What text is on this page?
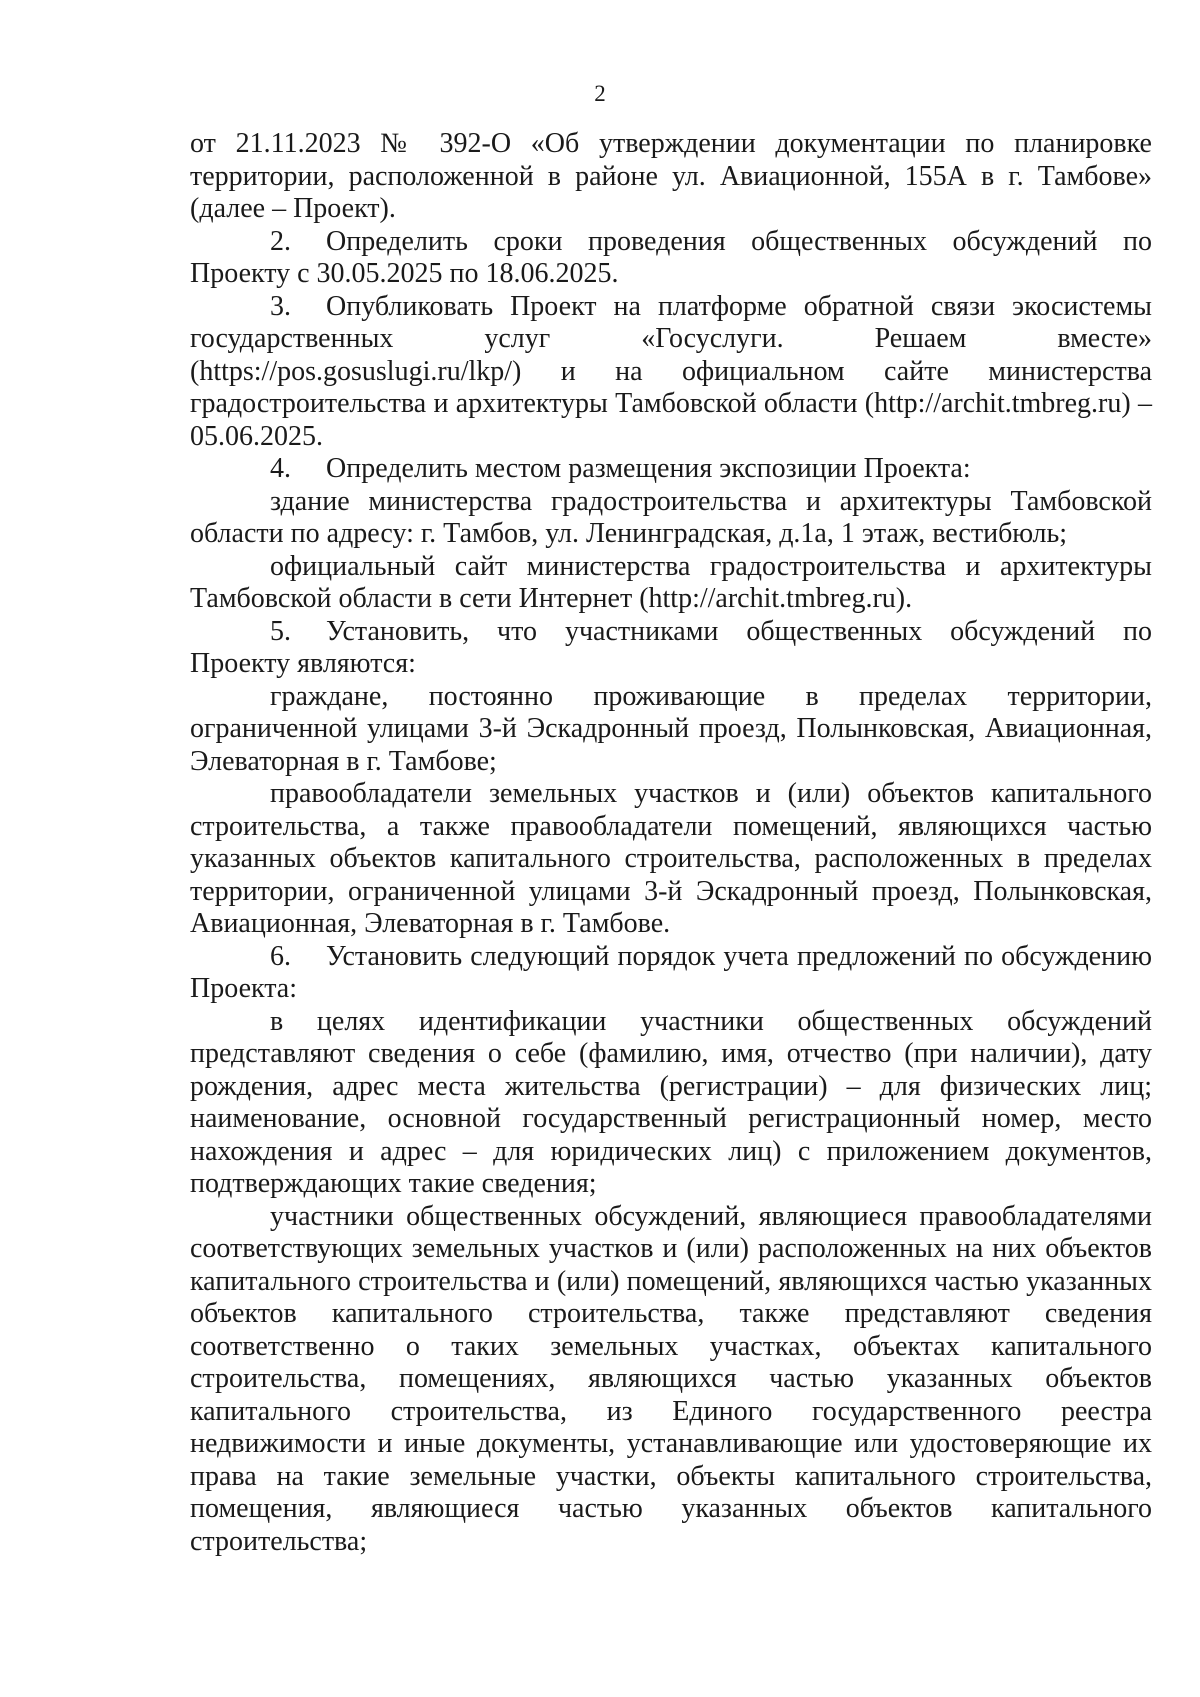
2

от 21.11.2023 № 392-О «Об утверждении документации по планировке территории, расположенной в районе ул. Авиационной, 155А в г. Тамбове» (далее – Проект).

2. Определить сроки проведения общественных обсуждений по Проекту с 30.05.2025 по 18.06.2025.

3. Опубликовать Проект на платформе обратной связи экосистемы государственных услуг «Госуслуги. Решаем вместе» (https://pos.gosuslugi.ru/lkp/) и на официальном сайте министерства градостроительства и архитектуры Тамбовской области (http://archit.tmbreg.ru) – 05.06.2025.

4. Определить местом размещения экспозиции Проекта:

здание министерства градостроительства и архитектуры Тамбовской области по адресу: г. Тамбов, ул. Ленинградская, д.1а, 1 этаж, вестибюль;

официальный сайт министерства градостроительства и архитектуры Тамбовской области в сети Интернет (http://archit.tmbreg.ru).

5. Установить, что участниками общественных обсуждений по Проекту являются:

граждане, постоянно проживающие в пределах территории, ограниченной улицами 3-й Эскадронный проезд, Полынковская, Авиационная, Элеваторная в г. Тамбове;

правообладатели земельных участков и (или) объектов капитального строительства, а также правообладатели помещений, являющихся частью указанных объектов капитального строительства, расположенных в пределах территории, ограниченной улицами 3-й Эскадронный проезд, Полынковская, Авиационная, Элеваторная в г. Тамбове.

6. Установить следующий порядок учета предложений по обсуждению Проекта:

в целях идентификации участники общественных обсуждений представляют сведения о себе (фамилию, имя, отчество (при наличии), дату рождения, адрес места жительства (регистрации) – для физических лиц; наименование, основной государственный регистрационный номер, место нахождения и адрес – для юридических лиц) с приложением документов, подтверждающих такие сведения;

участники общественных обсуждений, являющиеся правообладателями соответствующих земельных участков и (или) расположенных на них объектов капитального строительства и (или) помещений, являющихся частью указанных объектов капитального строительства, также представляют сведения соответственно о таких земельных участках, объектах капитального строительства, помещениях, являющихся частью указанных объектов капитального строительства, из Единого государственного реестра недвижимости и иные документы, устанавливающие или удостоверяющие их права на такие земельные участки, объекты капитального строительства, помещения, являющиеся частью указанных объектов капитального строительства;
